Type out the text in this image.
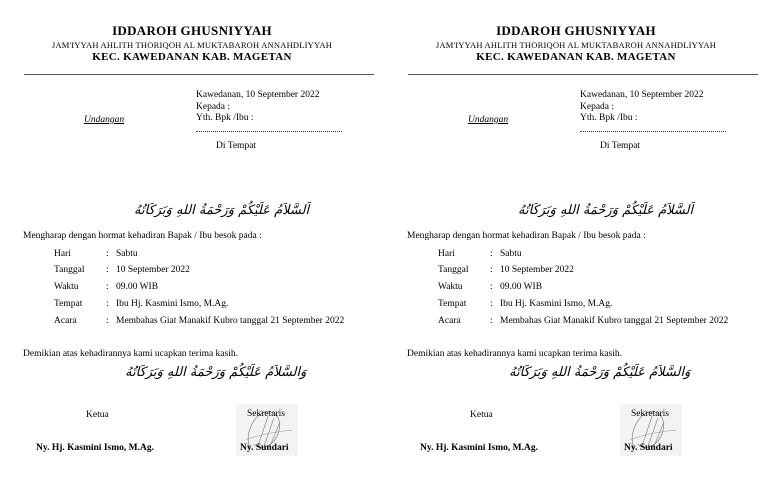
IDDAROH GHUSNIYYAH
JAM'IYYAH AHLITH THORIQOH AL MUKTABAROH ANNAHDLIYYAH
KEC. KAWEDANAN KAB. MAGETAN
Kawedanan, 10 September 2022
Kepada :
Yth. Bpk /Ibu :
Undangan
Di Tempat
اَلسَّلاَمُ عَلَيْكُمْ وَرَحْمَةُ اللهِ وَبَرَكَاتُهُ
Mengharap dengan hormat kehadiran Bapak / Ibu besok pada :
Hari	: Sabtu
Tanggal : 10 September 2022
Waktu	: 09.00 WIB
Tempat : Ibu Hj. Kasmini Ismo, M.Ag.
Acara	: Membahas Giat Manakif Kubro tanggal 21 September 2022
Demikian atas kehadirannya kami ucapkan terima kasih.
وَالسَّلاَمُ عَلَيْكُمْ وَرَحْمَةُ اللهِ وَبَرَكَاتُهُ
Ketua	Sekretaris
Ny. Hj. Kasmini Ismo, M.Ag.	Ny. Sundari
IDDAROH GHUSNIYYAH
JAM'IYYAH AHLITH THORIQOH AL MUKTABAROH ANNAHDLIYYAH
KEC. KAWEDANAN KAB. MAGETAN
Kawedanan, 10 September 2022
Kepada :
Yth. Bpk /Ibu :
Undangan
Di Tempat
اَلسَّلاَمُ عَلَيْكُمْ وَرَحْمَةُ اللهِ وَبَرَكَاتُهُ
Mengharap dengan hormat kehadiran Bapak / Ibu besok pada :
Hari	: Sabtu
Tanggal : 10 September 2022
Waktu	: 09.00 WIB
Tempat : Ibu Hj. Kasmini Ismo, M.Ag.
Acara	: Membahas Giat Manakif Kubro tanggal 21 September 2022
Demikian atas kehadirannya kami ucapkan terima kasih.
وَالسَّلاَمُ عَلَيْكُمْ وَرَحْمَةُ اللهِ وَبَرَكَاتُهُ
Ketua	Sekretaris
Ny. Hj. Kasmini Ismo, M.Ag.	Ny. Sundari
